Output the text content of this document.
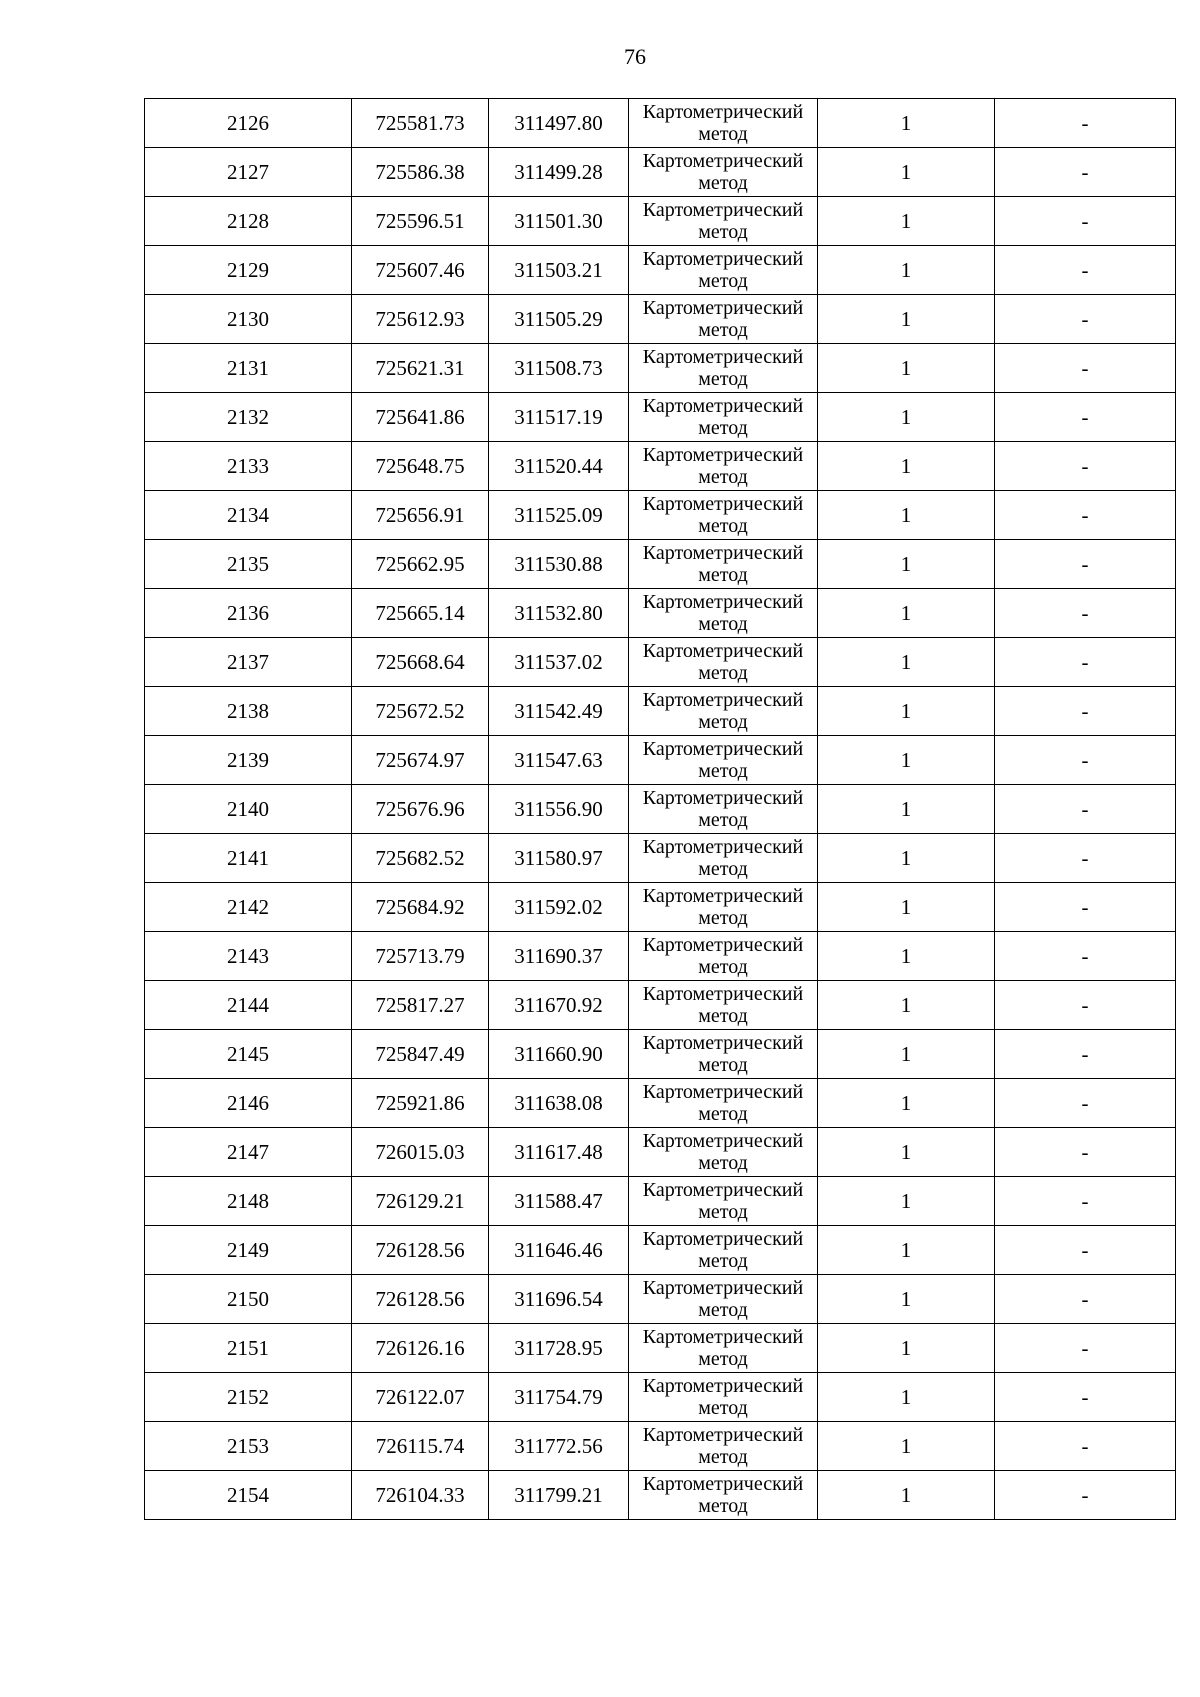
76
2126	725581.73	311497.80	Картометрический метод	1	-
2127	725586.38	311499.28	Картометрический метод	1	-
2128	725596.51	311501.30	Картометрический метод	1	-
2129	725607.46	311503.21	Картометрический метод	1	-
2130	725612.93	311505.29	Картометрический метод	1	-
2131	725621.31	311508.73	Картометрический метод	1	-
2132	725641.86	311517.19	Картометрический метод	1	-
2133	725648.75	311520.44	Картометрический метод	1	-
2134	725656.91	311525.09	Картометрический метод	1	-
2135	725662.95	311530.88	Картометрический метод	1	-
2136	725665.14	311532.80	Картометрический метод	1	-
2137	725668.64	311537.02	Картометрический метод	1	-
2138	725672.52	311542.49	Картометрический метод	1	-
2139	725674.97	311547.63	Картометрический метод	1	-
2140	725676.96	311556.90	Картометрический метод	1	-
2141	725682.52	311580.97	Картометрический метод	1	-
2142	725684.92	311592.02	Картометрический метод	1	-
2143	725713.79	311690.37	Картометрический метод	1	-
2144	725817.27	311670.92	Картометрический метод	1	-
2145	725847.49	311660.90	Картометрический метод	1	-
2146	725921.86	311638.08	Картометрический метод	1	-
2147	726015.03	311617.48	Картометрический метод	1	-
2148	726129.21	311588.47	Картометрический метод	1	-
2149	726128.56	311646.46	Картометрический метод	1	-
2150	726128.56	311696.54	Картометрический метод	1	-
2151	726126.16	311728.95	Картометрический метод	1	-
2152	726122.07	311754.79	Картометрический метод	1	-
2153	726115.74	311772.56	Картометрический метод	1	-
2154	726104.33	311799.21	Картометрический метод	1	-
